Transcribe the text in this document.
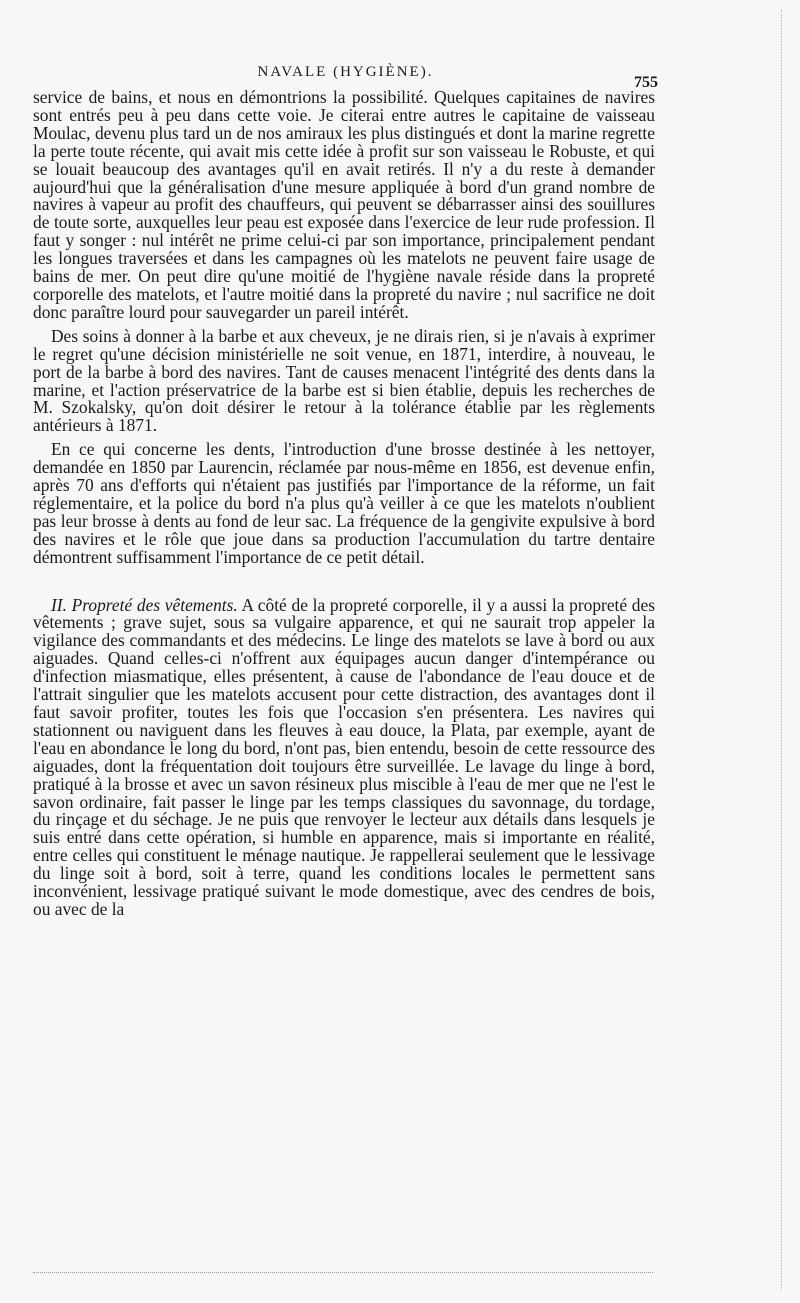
NAVALE (HYGIÈNE).
755

service de bains, et nous en démontrions la possibilité. Quelques capitaines de navires sont entrés peu à peu dans cette voie. Je citerai entre autres le capitaine de vaisseau Moulac, devenu plus tard un de nos amiraux les plus distingués et dont la marine regrette la perte toute récente, qui avait mis cette idée à profit sur son vaisseau le Robuste, et qui se louait beaucoup des avantages qu'il en avait retirés. Il n'y a du reste à demander aujourd'hui que la généralisation d'une mesure appliquée à bord d'un grand nombre de navires à vapeur au profit des chauffeurs, qui peuvent se débarrasser ainsi des souillures de toute sorte, auxquelles leur peau est exposée dans l'exercice de leur rude profession. Il faut y songer : nul intérêt ne prime celui-ci par son importance, principalement pendant les longues traversées et dans les campagnes où les matelots ne peuvent faire usage de bains de mer. On peut dire qu'une moitié de l'hygiène navale réside dans la propreté corporelle des matelots, et l'autre moitié dans la propreté du navire ; nul sacrifice ne doit donc paraître lourd pour sauvegarder un pareil intérêt.

Des soins à donner à la barbe et aux cheveux, je ne dirais rien, si je n'avais à exprimer le regret qu'une décision ministérielle ne soit venue, en 1871, interdire, à nouveau, le port de la barbe à bord des navires. Tant de causes menacent l'intégrité des dents dans la marine, et l'action préservatrice de la barbe est si bien établie, depuis les recherches de M. Szokalsky, qu'on doit désirer le retour à la tolérance établie par les règlements antérieurs à 1871.

En ce qui concerne les dents, l'introduction d'une brosse destinée à les nettoyer, demandée en 1850 par Laurencin, réclamée par nous-même en 1856, est devenue enfin, après 70 ans d'efforts qui n'étaient pas justifiés par l'importance de la réforme, un fait réglementaire, et la police du bord n'a plus qu'à veiller à ce que les matelots n'oublient pas leur brosse à dents au fond de leur sac. La fréquence de la gengivite expulsive à bord des navires et le rôle que joue dans sa production l'accumulation du tartre dentaire démontrent suffisamment l'importance de ce petit détail.

II. Propreté des vêtements. A côté de la propreté corporelle, il y a aussi la propreté des vêtements ; grave sujet, sous sa vulgaire apparence, et qui ne saurait trop appeler la vigilance des commandants et des médecins. Le linge des matelots se lave à bord ou aux aiguades. Quand celles-ci n'offrent aux équipages aucun danger d'intempérance ou d'infection miasmatique, elles présentent, à cause de l'abondance de l'eau douce et de l'attrait singulier que les matelots accusent pour cette distraction, des avantages dont il faut savoir profiter, toutes les fois que l'occasion s'en présentera. Les navires qui stationnent ou naviguent dans les fleuves à eau douce, la Plata, par exemple, ayant de l'eau en abondance le long du bord, n'ont pas, bien entendu, besoin de cette ressource des aiguades, dont la fréquentation doit toujours être surveillée. Le lavage du linge à bord, pratiqué à la brosse et avec un savon résineux plus miscible à l'eau de mer que ne l'est le savon ordinaire, fait passer le linge par les temps classiques du savonnage, du tordage, du rinçage et du séchage. Je ne puis que renvoyer le lecteur aux détails dans lesquels je suis entré dans cette opération, si humble en apparence, mais si importante en réalité, entre celles qui constituent le ménage nautique. Je rappellerai seulement que le lessivage du linge soit à bord, soit à terre, quand les conditions locales le permettent sans inconvénient, lessivage pratiqué suivant le mode domestique, avec des cendres de bois, ou avec de la
